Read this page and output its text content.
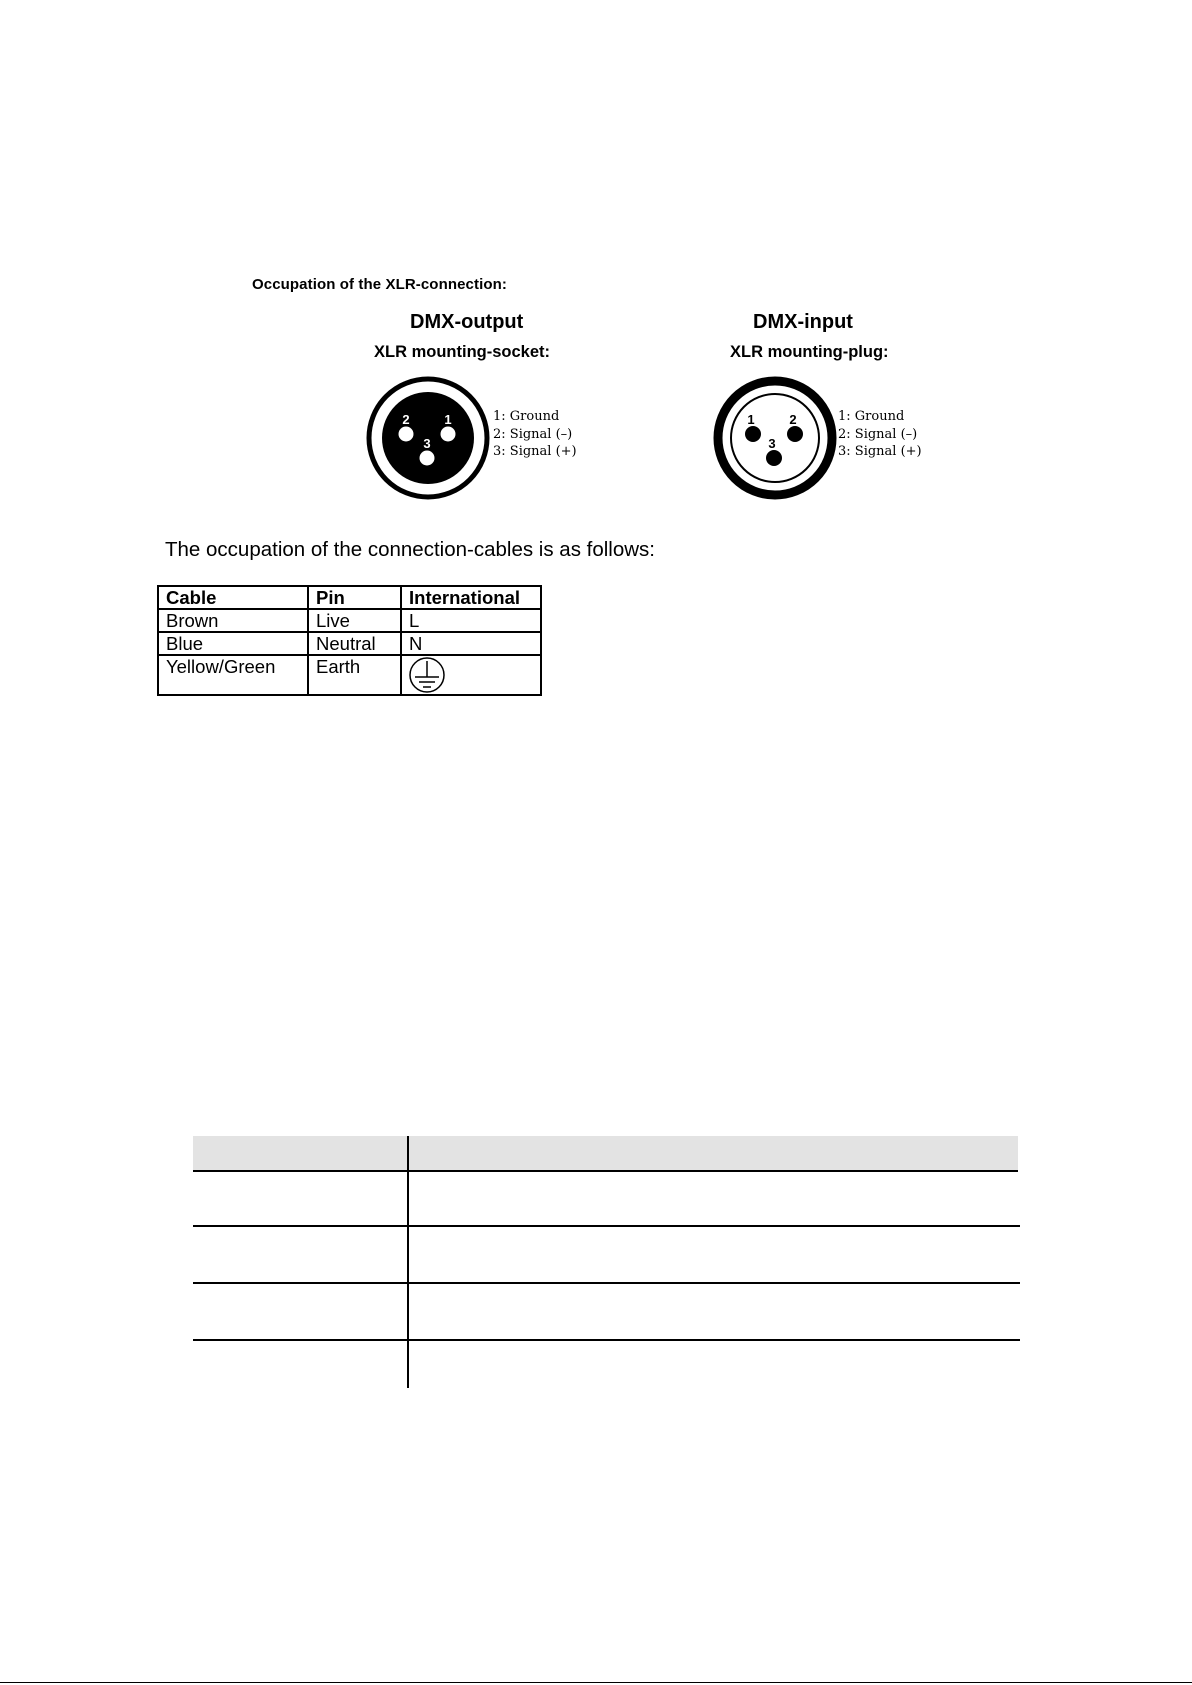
Occupation of the XLR-connection:
DMX-output
XLR mounting-socket:
2	1
3
1: Ground
2: Signal (–)
3: Signal (+)
DMX-input
XLR mounting-plug:
1	2
3
1: Ground
2: Signal (–)
3: Signal (+)
The occupation of the connection-cables is as follows:
Cable	Pin	International
Brown	Live	L
Blue	Neutral	N
Yellow/Green	Earth	
